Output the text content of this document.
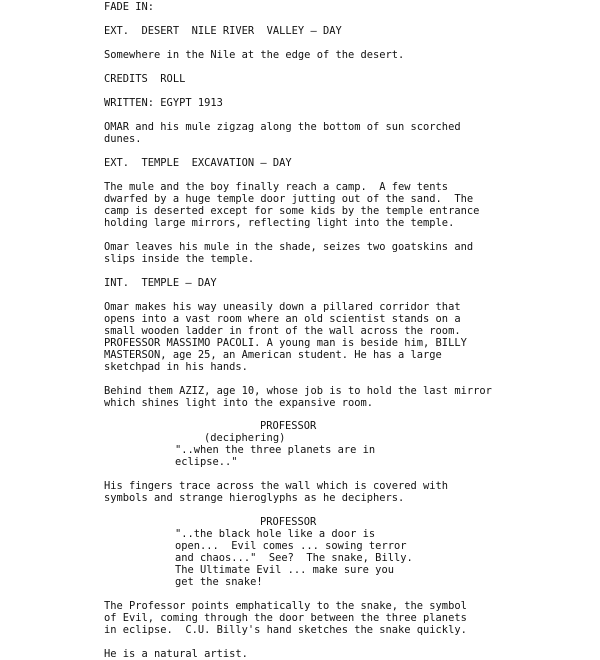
FADE IN:
EXT.  DESERT  NILE RIVER  VALLEY – DAY
Somewhere in the Nile at the edge of the desert.
CREDITS  ROLL
WRITTEN: EGYPT 1913
OMAR and his mule zigzag along the bottom of sun scorched
dunes.
EXT.  TEMPLE  EXCAVATION – DAY
The mule and the boy finally reach a camp.  A few tents
dwarfed by a huge temple door jutting out of the sand.  The
camp is deserted except for some kids by the temple entrance
holding large mirrors, reflecting light into the temple.
Omar leaves his mule in the shade, seizes two goatskins and
slips inside the temple.
INT.  TEMPLE – DAY
Omar makes his way uneasily down a pillared corridor that
opens into a vast room where an old scientist stands on a
small wooden ladder in front of the wall across the room.
PROFESSOR MASSIMO PACOLI. A young man is beside him, BILLY
MASTERSON, age 25, an American student. He has a large
sketchpad in his hands.
Behind them AZIZ, age 10, whose job is to hold the last mirror
which shines light into the expansive room.
PROFESSOR
(deciphering)
"..when the three planets are in
eclipse.."
His fingers trace across the wall which is covered with
symbols and strange hieroglyphs as he deciphers.
PROFESSOR
"..the black hole like a door is
open...  Evil comes ... sowing terror
and chaos..."  See?  The snake, Billy.
The Ultimate Evil ... make sure you
get the snake!
The Professor points emphatically to the snake, the symbol
of Evil, coming through the door between the three planets
in eclipse.  C.U. Billy's hand sketches the snake quickly.
He is a natural artist.
